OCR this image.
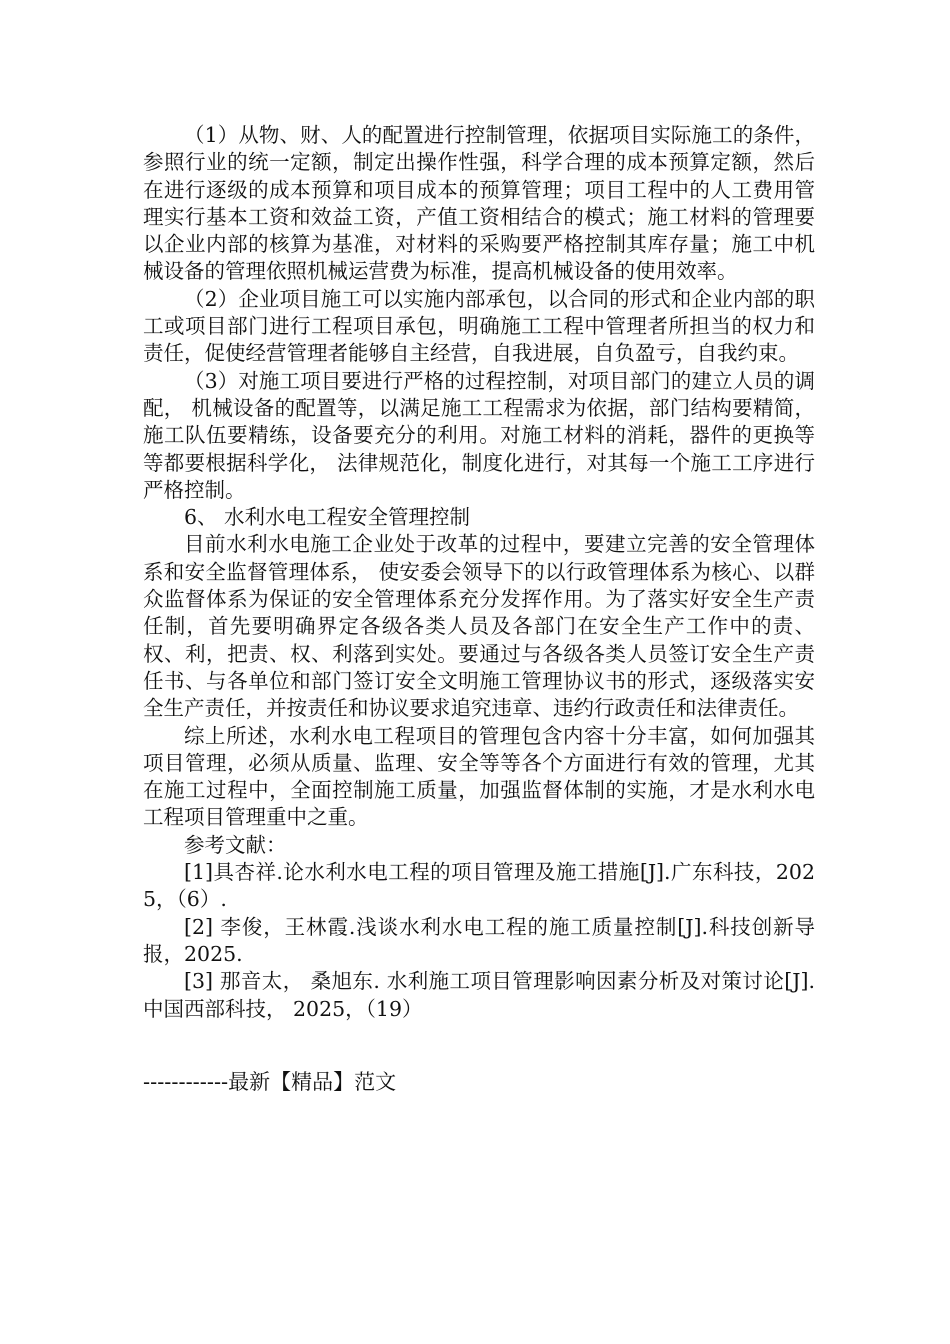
（1）从物、财、人的配置进行控制管理，依据项目实际施工的条件，参照行业的统一定额，制定出操作性强，科学合理的成本预算定额，然后在进行逐级的成本预算和项目成本的预算管理；项目工程中的人工费用管理实行基本工资和效益工资，产值工资相结合的模式；施工材料的管理要以企业内部的核算为基准，对材料的采购要严格控制其库存量；施工中机械设备的管理依照机械运营费为标准，提高机械设备的使用效率。

（2）企业项目施工可以实施内部承包，以合同的形式和企业内部的职工或项目部门进行工程项目承包，明确施工工程中管理者所担当的权力和责任，促使经营管理者能够自主经营，自我进展，自负盈亏，自我约束。

（3）对施工项目要进行严格的过程控制，对项目部门的建立人员的调配， 机械设备的配置等，以满足施工工程需求为依据，部门结构要精简，施工队伍要精练，设备要充分的利用。对施工材料的消耗，器件的更换等等都要根据科学化， 法律规范化，制度化进行，对其每一个施工工序进行严格控制。

6、 水利水电工程安全管理控制

目前水利水电施工企业处于改革的过程中，要建立完善的安全管理体系和安全监督管理体系， 使安委会领导下的以行政管理体系为核心、以群众监督体系为保证的安全管理体系充分发挥作用。为了落实好安全生产责任制，首先要明确界定各级各类人员及各部门在安全生产工作中的责、权、利，把责、权、利落到实处。要通过与各级各类人员签订安全生产责任书、与各单位和部门签订安全文明施工管理协议书的形式，逐级落实安全生产责任，并按责任和协议要求追究违章、违约行政责任和法律责任。

综上所述，水利水电工程项目的管理包含内容十分丰富，如何加强其项目管理，必须从质量、监理、安全等等各个方面进行有效的管理，尤其在施工过程中，全面控制施工质量，加强监督体制的实施，才是水利水电工程项目管理重中之重。

参考文献：

[1]具杏祥.论水利水电工程的项目管理及施工措施[J].广东科技，2025，（6）.

[2] 李俊，王林霞.浅谈水利水电工程的施工质量控制[J].科技创新导报，2025.

[3] 那音太， 桑旭东. 水利施工项目管理影响因素分析及对策讨论[J]. 中国西部科技， 2025，（19）

------------最新【精品】范文
